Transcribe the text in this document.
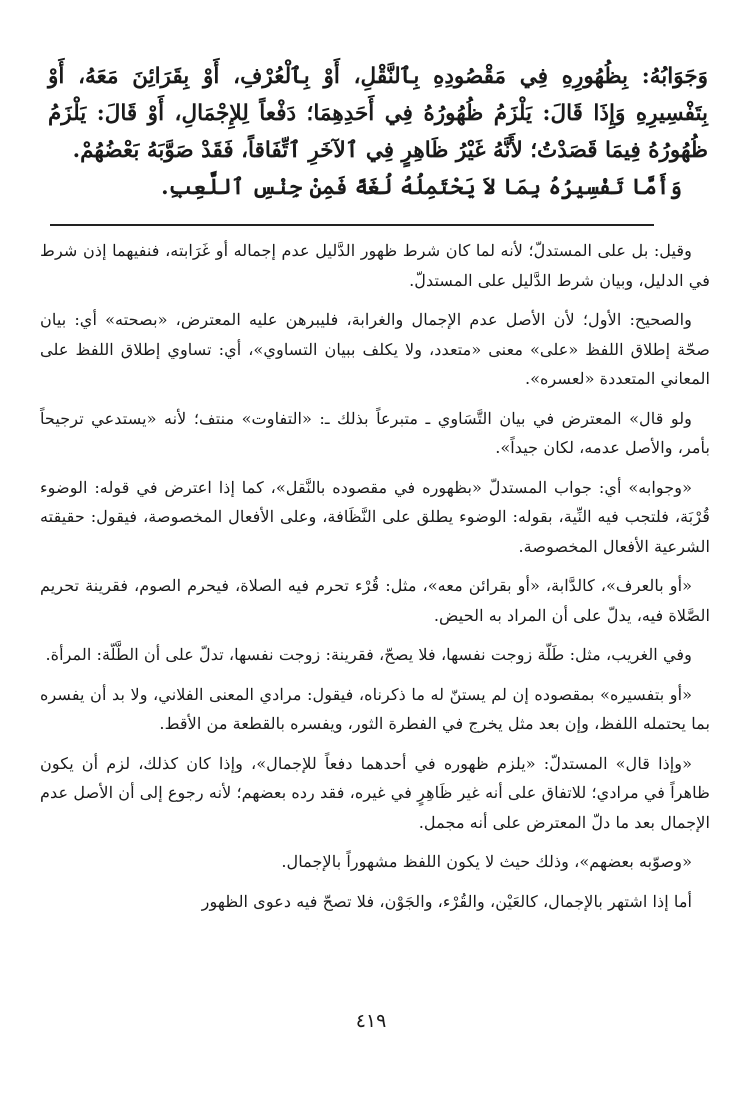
وَجَوَابُهُ: بِظُهُورِهِ فِي مَقْصُودِهِ بِٱلنَّقْلِ، أَوْ بِٱلْعُرْفِ، أَوْ بِقَرَائِنَ مَعَهُ، أَوْ بِتَفْسِيرِهِ وَإِذَا قَالَ: يَلْزَمُ ظُهُورُهُ فِي أَحَدِهِمَا؛ دَفْعاً لِلإِجْمَالِ، أَوْ قَالَ: يَلْزَمُ ظُهُورُهُ فِيمَا قَصَدْتُ؛ لأَنَّهُ غَيْرُ ظَاهِرٍ فِي ٱلآخَرِ ٱتِّفَاقاً، فَقَدْ صَوَّبَهُ بَعْضُهُمْ.

وَأَمَّا تَفْسِيرُهُ بِمَا لاَ يَحْتَمِلُهُ لُغَةً فَمِنْ جِنْسِ ٱللَّعِبِ.

وقيل: بل على المستدلّ؛ لأنه لما كان شرط ظهور الدَّليل عدم إجماله أو غَرَابته، فنفيهما إذن شرط في الدليل، وبيان شرط الدَّليل على المستدلّ.

والصحيح: الأول؛ لأن الأصل عدم الإجمال والغرابة، فليبرهن عليه المعترض، «بصحته» أي: بيان صحّة إطلاق اللفظ «على» معنى «متعدد، ولا يكلف ببيان التساوي»، أي: تساوي إطلاق اللفظ على المعاني المتعددة «لعسره».

ولو قال» المعترض في بيان التَّسَاوي ـ متبرعاً بذلك ـ: «التفاوت» منتف؛ لأنه «يستدعي ترجيحاً بأمر، والأصل عدمه، لكان جيداً».

«وجوابه» أي: جواب المستدلّ «بظهوره في مقصوده بالنَّقل»، كما إذا اعترض في قوله: الوضوء قُرْبَة، فلتجب فيه النِّية، بقوله: الوضوء يطلق على النَّظَافة، وعلى الأفعال المخصوصة، فيقول: حقيقته الشرعية الأفعال المخصوصة.

«أو بالعرف»، كالدَّابة، «أو بقرائن معه»، مثل: قُرْء تحرم فيه الصلاة، فيحرم الصوم، فقرينة تحريم الصَّلاة فيه، يدلّ على أن المراد به الحيض.

وفي الغريب، مثل: طَلّة زوجت نفسها، فلا يصحّ، فقرينة: زوجت نفسها، تدلّ على أن الطَّلّة: المرأة.

«أو بتفسيره» بمقصوده إن لم يستنّ له ما ذكرناه، فيقول: مرادي المعنى الفلاني، ولا بد أن يفسره بما يحتمله اللفظ، وإن بعد مثل يخرج في الفطرة الثور، ويفسره بالقطعة من الأقط.

«وإذا قال» المستدلّ: «يلزم ظهوره في أحدهما دفعاً للإجمال»، وإذا كان كذلك، لزم أن يكون ظاهراً في مرادي؛ للاتفاق على أنه غير ظَاهِرٍ في غيره، فقد رده بعضهم؛ لأنه رجوع إلى أن الأصل عدم الإجمال بعد ما دلّ المعترض على أنه مجمل.

«وصوّبه بعضهم»، وذلك حيث لا يكون اللفظ مشهوراً بالإجمال.

أما إذا اشتهر بالإجمال، كالعَيْن، والقُرْء، والجَوْن، فلا تصحّ فيه دعوى الظهور

٤١٩
